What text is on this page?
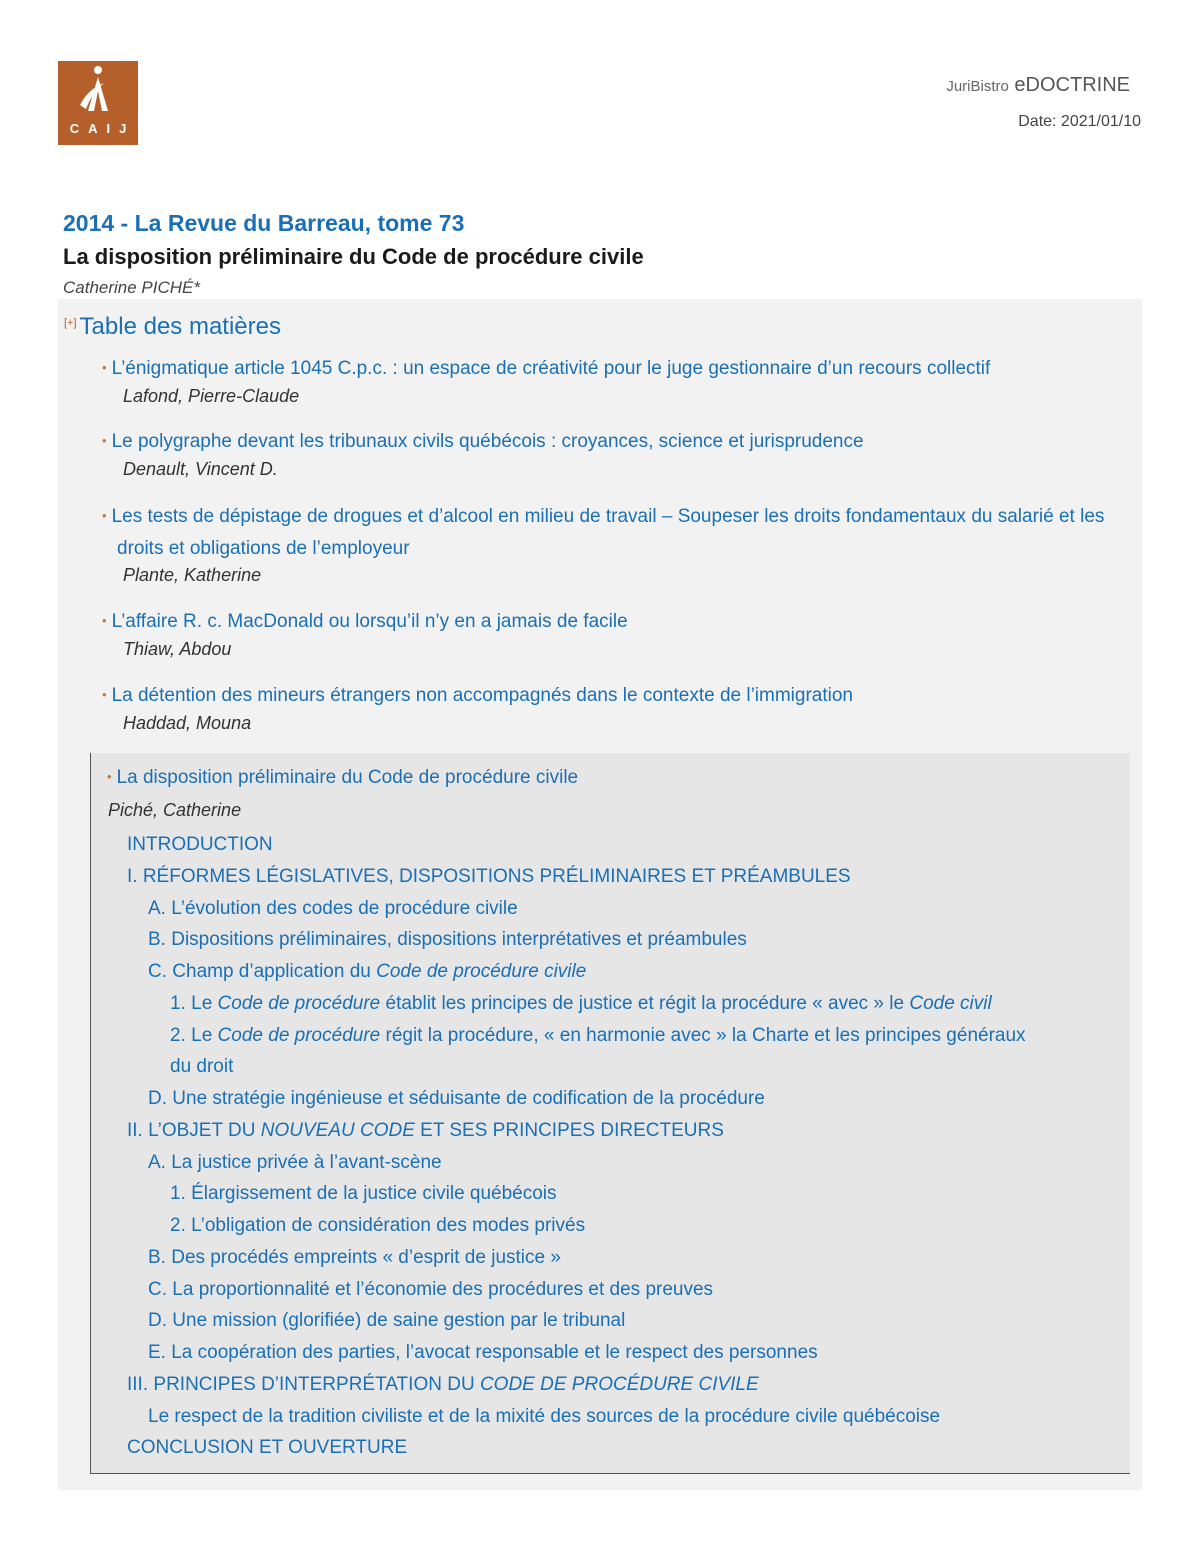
CAIJ
JuriBistro eDOCTRINE
Date: 2021/01/10
2014 - La Revue du Barreau, tome 73
La disposition préliminaire du Code de procédure civile
Catherine PICHÉ*
[+] Table des matières
• L’énigmatique article 1045 C.p.c. : un espace de créativité pour le juge gestionnaire d’un recours collectif
Lafond, Pierre-Claude
• Le polygraphe devant les tribunaux civils québécois : croyances, science et jurisprudence
Denault, Vincent D.
• Les tests de dépistage de drogues et d’alcool en milieu de travail – Soupeser les droits fondamentaux du salarié et les droits et obligations de l’employeur
Plante, Katherine
• L’affaire R. c. MacDonald ou lorsqu’il n’y en a jamais de facile
Thiaw, Abdou
• La détention des mineurs étrangers non accompagnés dans le contexte de l’immigration
Haddad, Mouna
• La disposition préliminaire du Code de procédure civile
Piché, Catherine
INTRODUCTION
I. RÉFORMES LÉGISLATIVES, DISPOSITIONS PRÉLIMINAIRES ET PRÉAMBULES
A. L’évolution des codes de procédure civile
B. Dispositions préliminaires, dispositions interprétatives et préambules
C. Champ d’application du Code de procédure civile
1. Le Code de procédure établit les principes de justice et régit la procédure « avec » le Code civil
2. Le Code de procédure régit la procédure, « en harmonie avec » la Charte et les principes généraux
du droit
D. Une stratégie ingénieuse et séduisante de codification de la procédure
II. L’OBJET DU NOUVEAU CODE ET SES PRINCIPES DIRECTEURS
A. La justice privée à l’avant-scène
1. Élargissement de la justice civile québécois
2. L’obligation de considération des modes privés
B. Des procédés empreints « d’esprit de justice »
C. La proportionnalité et l’économie des procédures et des preuves
D. Une mission (glorifiée) de saine gestion par le tribunal
E. La coopération des parties, l’avocat responsable et le respect des personnes
III. PRINCIPES D’INTERPRÉTATION DU CODE DE PROCÉDURE CIVILE
Le respect de la tradition civiliste et de la mixité des sources de la procédure civile québécoise
CONCLUSION ET OUVERTURE
